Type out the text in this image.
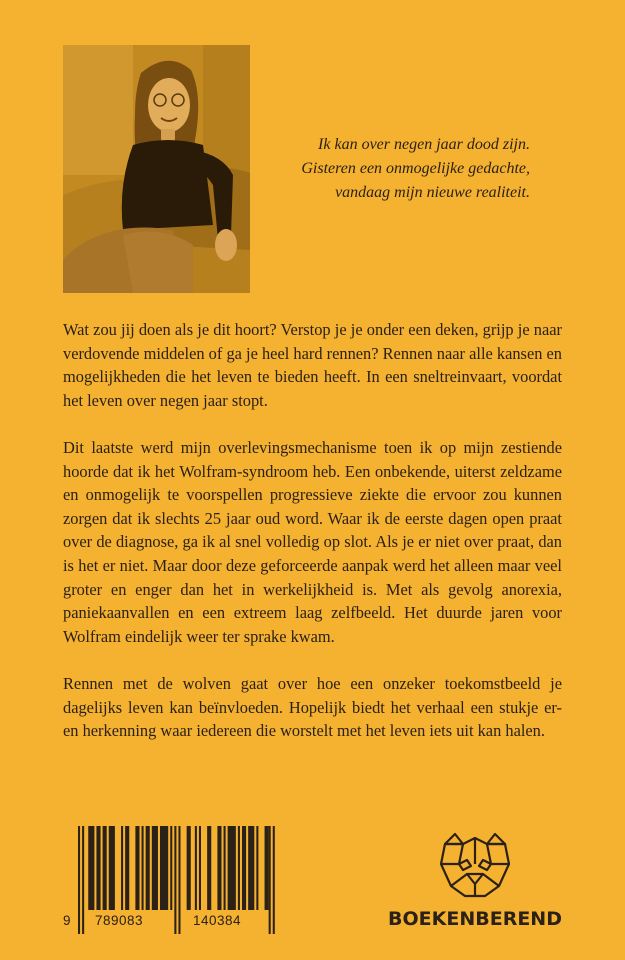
Ik kan over negen jaar dood zijn.
Gisteren een onmogelijke gedachte,
vandaag mijn nieuwe realiteit.

Wat zou jij doen als je dit hoort? Verstop je je onder een deken, grijp je naar verdovende middelen of ga je heel hard rennen? Rennen naar alle kansen en mogelijkheden die het leven te bieden heeft. In een sneltreinvaart, voordat het leven over negen jaar stopt.

Dit laatste werd mijn overlevingsmechanisme toen ik op mijn zestiende hoorde dat ik het Wolfram-syndroom heb. Een onbekende, uiterst zeldzame en onmogelijk te voorspellen progressieve ziekte die ervoor zou kunnen zorgen dat ik slechts 25 jaar oud word. Waar ik de eerste dagen open praat over de diagnose, ga ik al snel volledig op slot. Als je er niet over praat, dan is het er niet. Maar door deze geforceerde aanpak werd het alleen maar veel groter en enger dan het in werkelijkheid is. Met als gevolg anorexia, paniekaanvallen en een extreem laag zelfbeeld. Het duurde jaren voor Wolfram eindelijk weer ter sprake kwam.

Rennen met de wolven gaat over hoe een onzeker toekomstbeeld je dagelijks leven kan beïnvloeden. Hopelijk biedt het verhaal een stukje er- en herkenning waar iedereen die worstelt met het leven iets uit kan halen.

9 789083	140384	BOEKENBEREND
